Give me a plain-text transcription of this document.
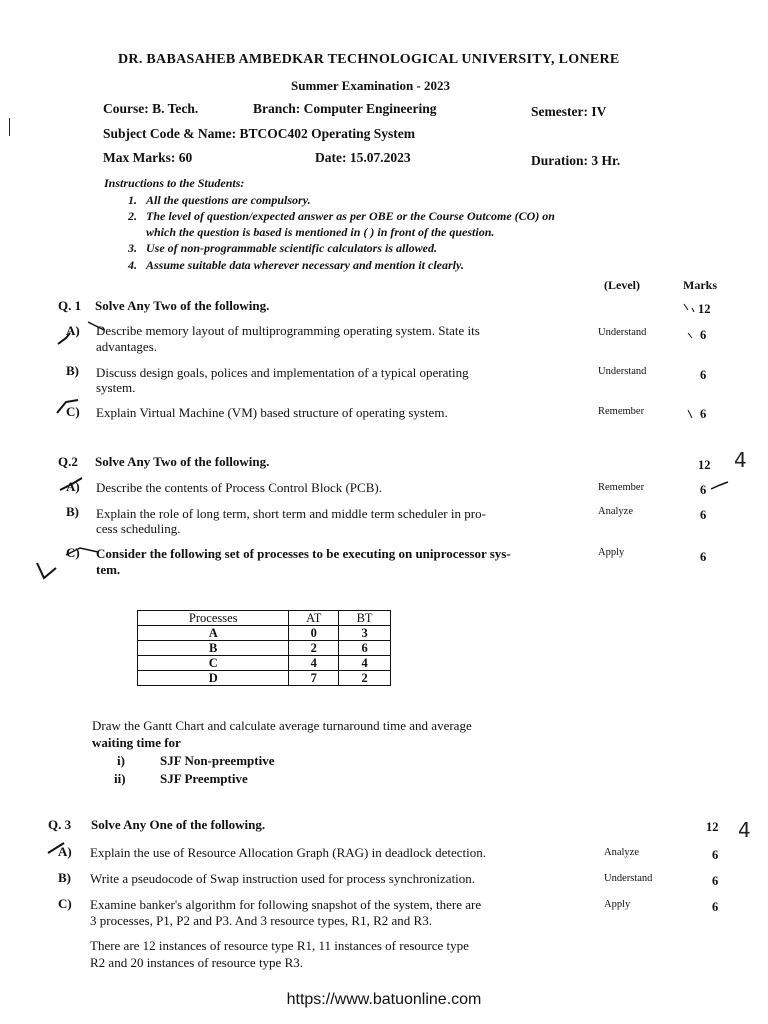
DR. BABASAHEB AMBEDKAR TECHNOLOGICAL UNIVERSITY, LONERE
Summer Examination - 2023
Course: B. Tech.	Branch: Computer Engineering	Semester: IV
Subject Code & Name: BTCOC402 Operating System
Max Marks: 60	Date: 15.07.2023	Duration: 3 Hr.
Instructions to the Students:
1. All the questions are compulsory.
2. The level of question/expected answer as per OBE or the Course Outcome (CO) on
which the question is based is mentioned in ( ) in front of the question.
3. Use of non-programmable scientific calculators is allowed.
4. Assume suitable data wherever necessary and mention it clearly.
(Level)	Marks
Q. 1 Solve Any Two of the following.	12
A) Describe memory layout of multiprogramming operating system. State its
advantages.
Understand	6
B) Discuss design goals, polices and implementation of a typical operating
system.
Understand	6
C) Explain Virtual Machine (VM) based structure of operating system.	Remember	6
Q.2 Solve Any Two of the following.	12 4
A) Describe the contents of Process Control Block (PCB).	Remember	6
B) Explain the role of long term, short term and middle term scheduler in pro-
cess scheduling.
Analyze	6
C) Consider the following set of processes to be executing on uniprocessor sys-
tem.
Apply	6
Processes	AT	BT
A	0	3
B	2	6
C	4	4
D	7	2
Draw the Gantt Chart and calculate average turnaround time and average
waiting time for
i)	SJF Non-preemptive
ii)	SJF Preemptive
Q. 3 Solve Any One of the following.	12 4
A) Explain the use of Resource Allocation Graph (RAG) in deadlock detection.	Analyze	6
B) Write a pseudocode of Swap instruction used for process synchronization.	Understand	6
C) Examine banker's algorithm for following snapshot of the system, there are
3 processes, P1, P2 and P3. And 3 resource types, R1, R2 and R3.
Apply	6
There are 12 instances of resource type R1, 11 instances of resource type
R2 and 20 instances of resource type R3.
https://www.batuonline.com
